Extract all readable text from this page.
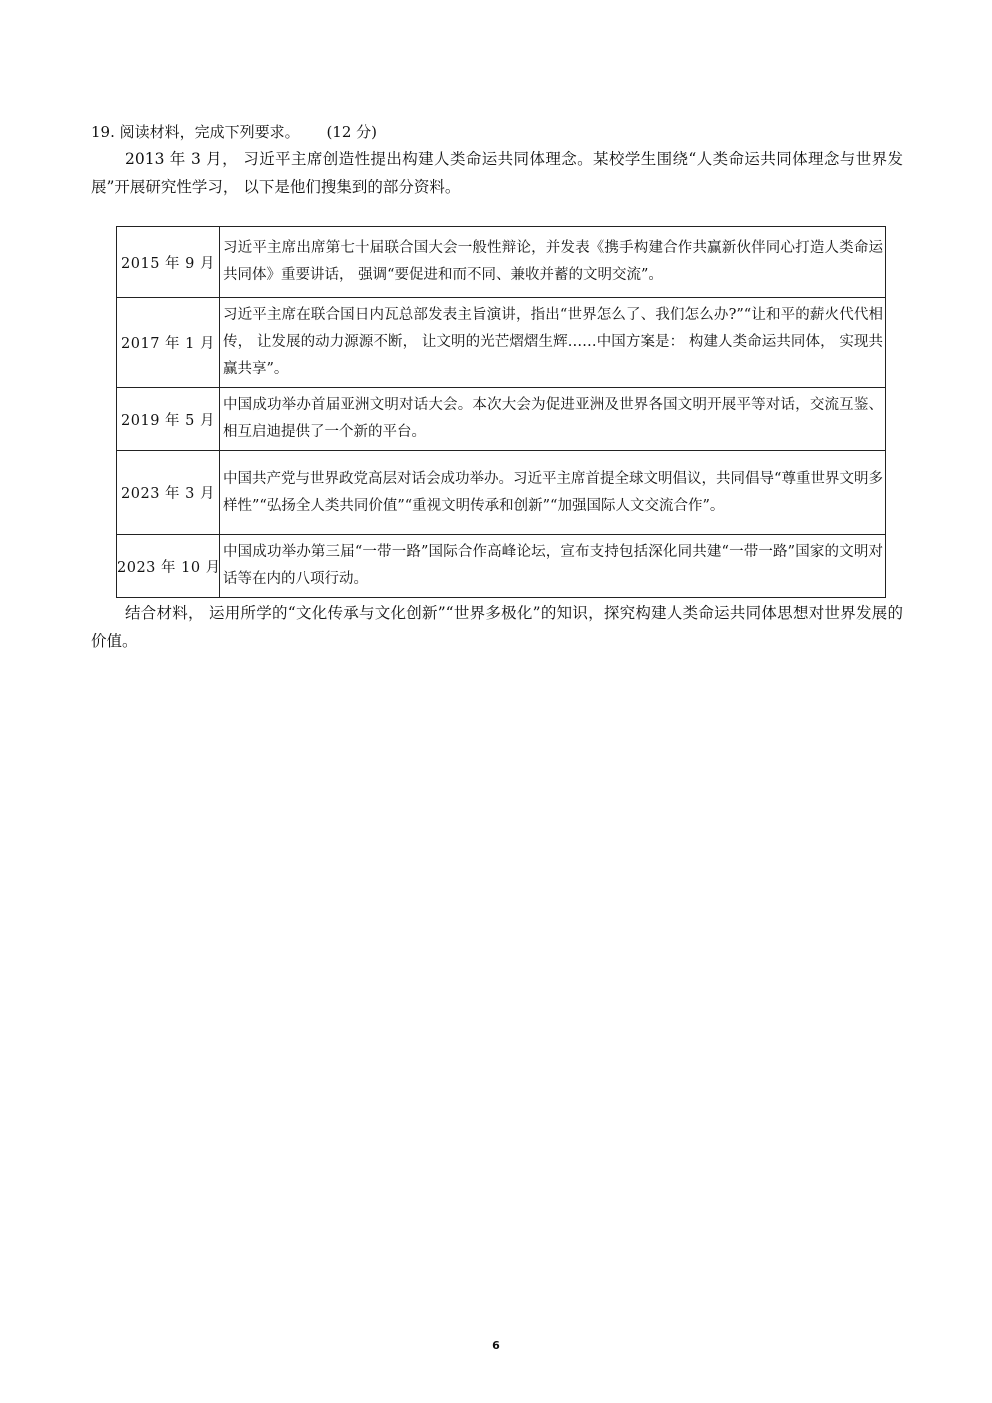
19. 阅读材料，完成下列要求。 (12 分)

2013 年 3 月， 习近平主席创造性提出构建人类命运共同体理念。某校学生围绕“人类命运共同体理念与世界发展”开展研究性学习， 以下是他们搜集到的部分资料。

2015 年 9 月	习近平主席出席第七十届联合国大会一般性辩论，并发表《携手构建合作共赢新伙伴同心打造人类命运共同体》重要讲话， 强调“要促进和而不同、兼收并蓄的文明交流”。
2017 年 1 月	习近平主席在联合国日内瓦总部发表主旨演讲，指出“世界怎么了、我们怎么办?”“让和平的薪火代代相传， 让发展的动力源源不断， 让文明的光芒熠熠生辉……中国方案是： 构建人类命运共同体， 实现共赢共享”。
2019 年 5 月	中国成功举办首届亚洲文明对话大会。本次大会为促进亚洲及世界各国文明开展平等对话，交流互鉴、相互启迪提供了一个新的平台。
2023 年 3 月	中国共产党与世界政党高层对话会成功举办。习近平主席首提全球文明倡议，共同倡导“尊重世界文明多样性”“弘扬全人类共同价值”“重视文明传承和创新”“加强国际人文交流合作”。
2023 年 10 月	中国成功举办第三届“一带一路”国际合作高峰论坛，宣布支持包括深化同共建“一带一路”国家的文明对话等在内的八项行动。

结合材料， 运用所学的“文化传承与文化创新”“世界多极化”的知识，探究构建人类命运共同体思想对世界发展的价值。

6
